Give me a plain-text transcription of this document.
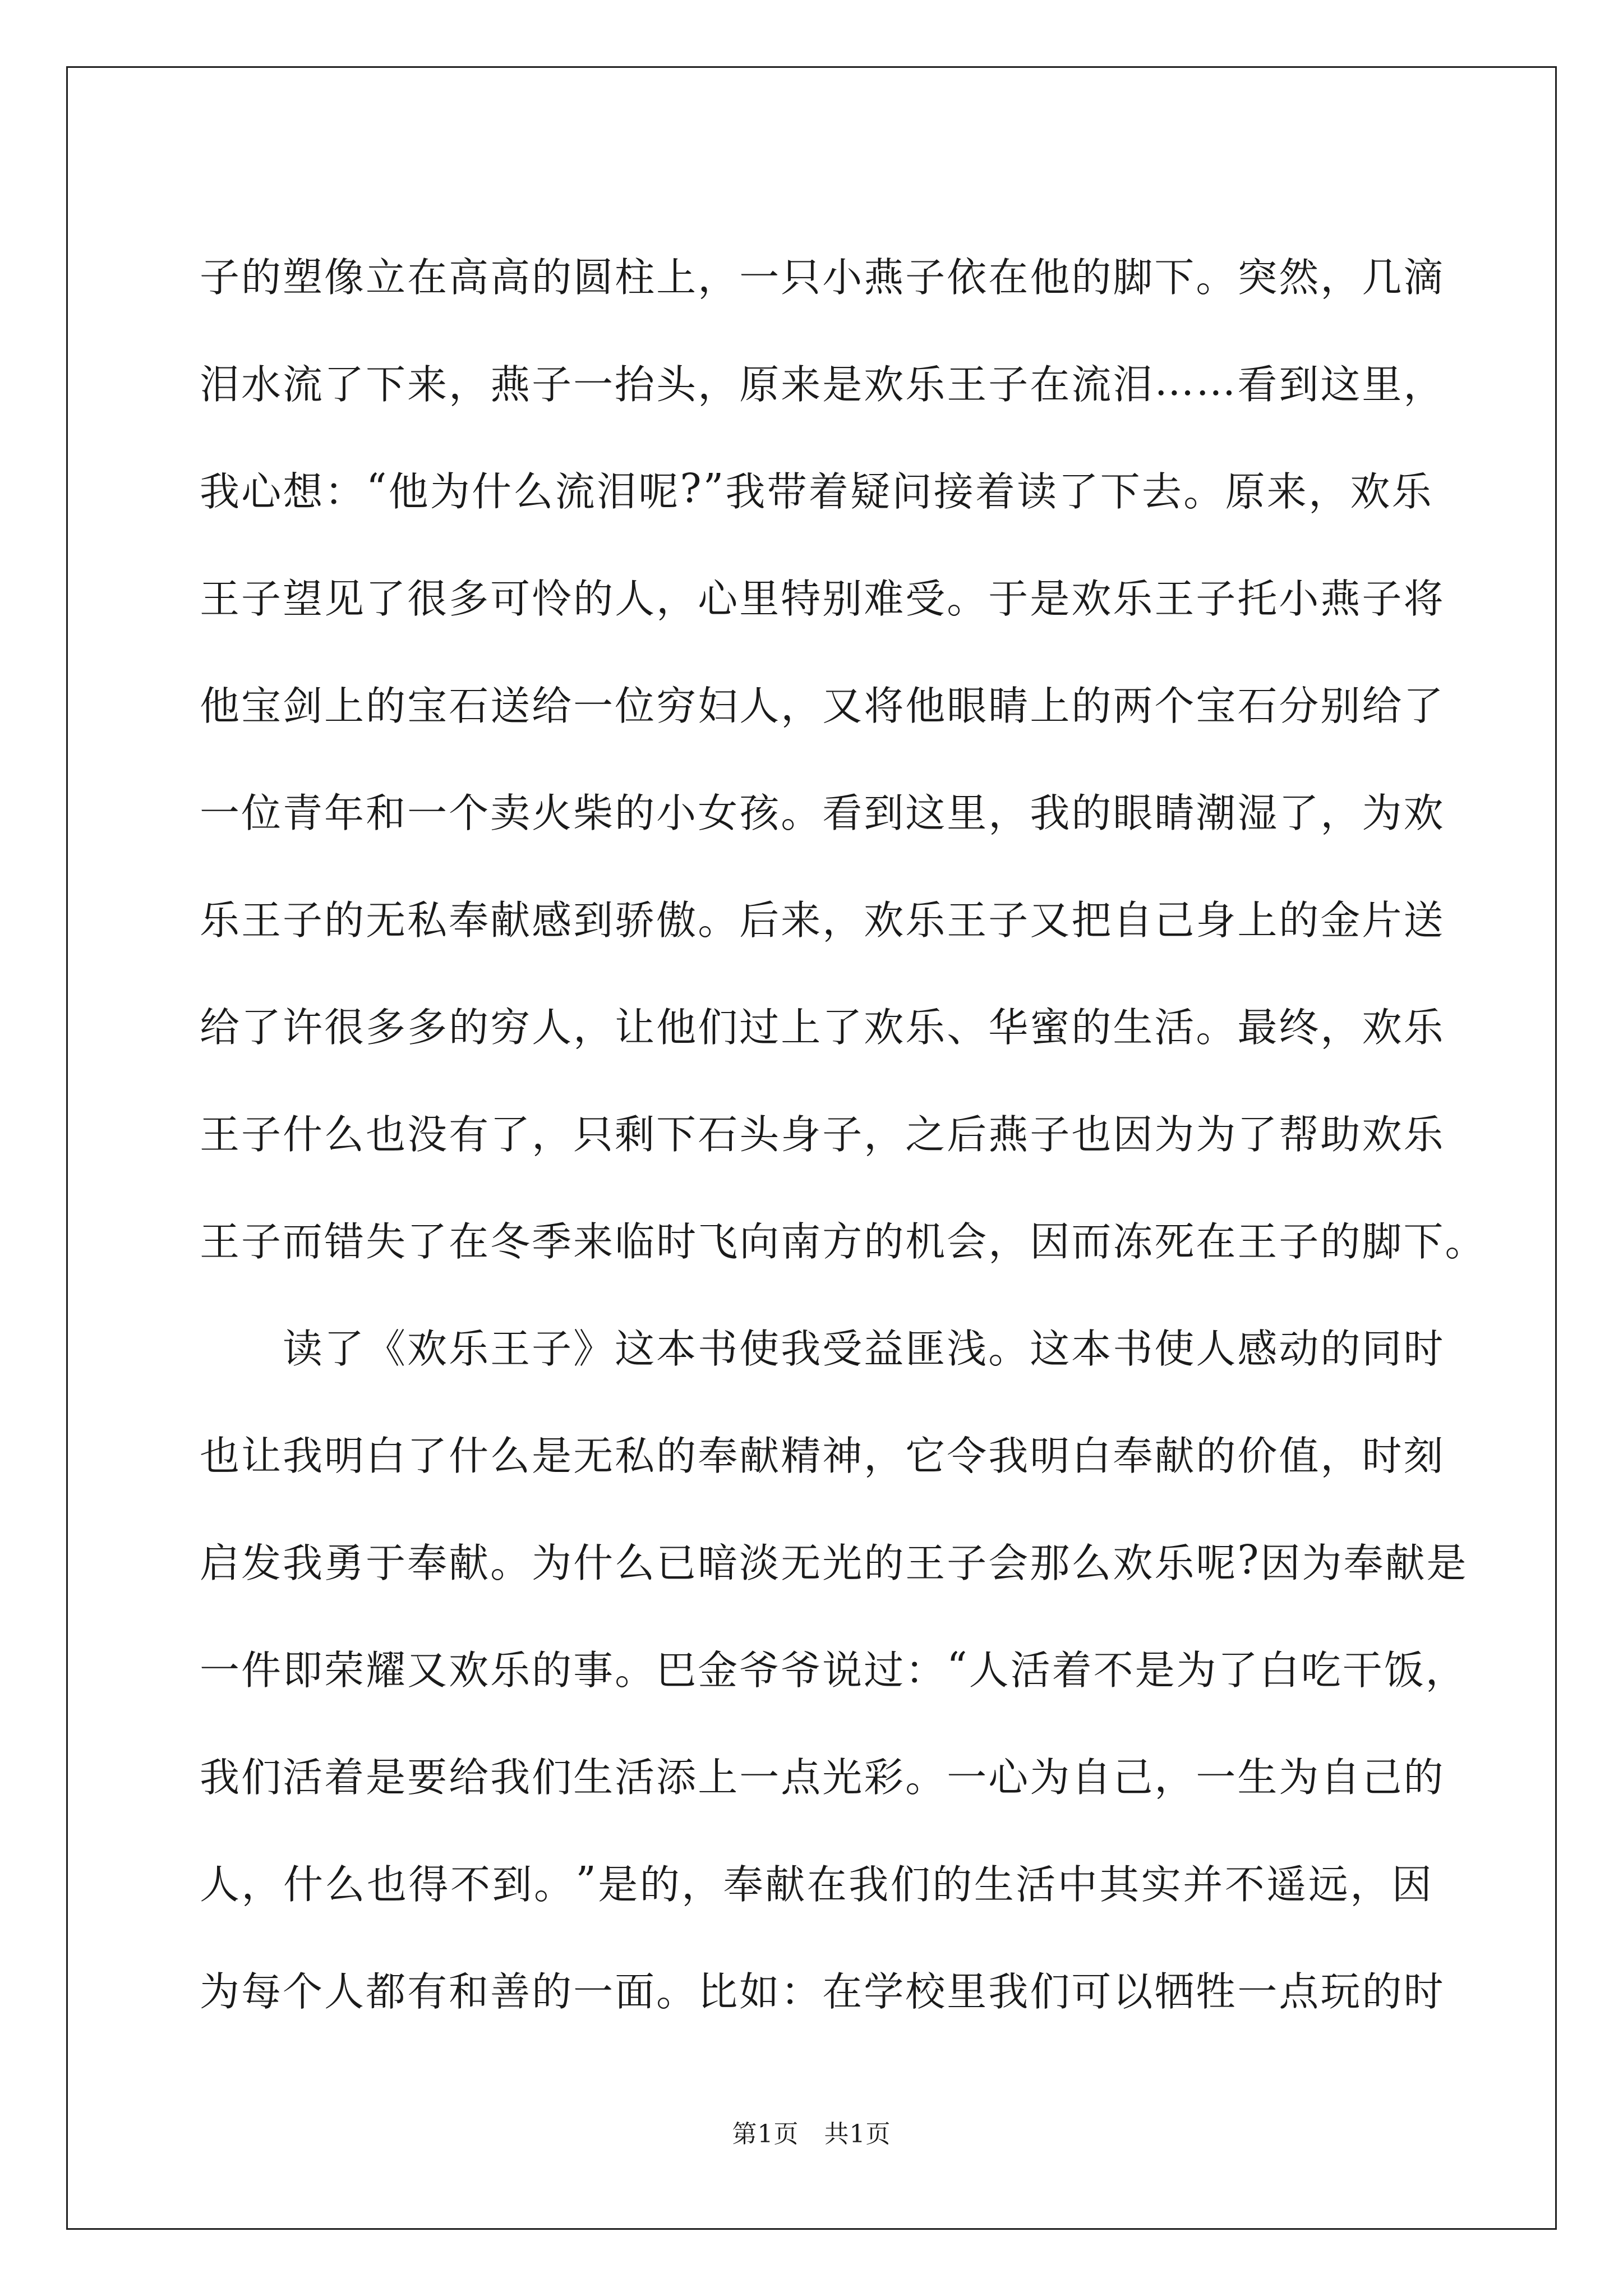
子 的 塑 像 立 在 高 高 的 圆 柱 上 ， 一 只 小 燕 子 依 在 他 的 脚 下 。 突 然 ， 几 滴
泪 水 流 了 下 来 ， 燕 子 一 抬 头 ， 原 来 是 欢 乐 王 子 在 流 泪 … … 看 到 这 里 ，
我 心 想 ： “ 他 为 什 么 流 泪 呢 ? ” 我 带 着 疑 问 接 着 读 了 下 去 。 原 来 ， 欢 乐
王 子 望 见 了 很 多 可 怜 的 人 ， 心 里 特 别 难 受 。 于 是 欢 乐 王 子 托 小 燕 子 将
他 宝 剑 上 的 宝 石 送 给 一 位 穷 妇 人 ， 又 将 他 眼 睛 上 的 两 个 宝 石 分 别 给 了
一 位 青 年 和 一 个 卖 火 柴 的 小 女 孩 。 看 到 这 里 ， 我 的 眼 睛 潮 湿 了 ， 为 欢
乐 王 子 的 无 私 奉 献 感 到 骄 傲 。 后 来 ， 欢 乐 王 子 又 把 自 己 身 上 的 金 片 送
给 了 许 很 多 多 的 穷 人 ， 让 他 们 过 上 了 欢 乐 、 华 蜜 的 生 活 。 最 终 ， 欢 乐
王 子 什 么 也 没 有 了 ， 只 剩 下 石 头 身 子 ， 之 后 燕 子 也 因 为 为 了 帮 助 欢 乐
王 子 而 错 失 了 在 冬 季 来 临 时 飞 向 南 方 的 机 会 ， 因 而 冻 死 在 王 子 的 脚 下 。
读 了 《 欢 乐 王 子 》 这 本 书 使 我 受 益 匪 浅 。 这 本 书 使 人 感 动 的 同 时
也 让 我 明 白 了 什 么 是 无 私 的 奉 献 精 神 ， 它 令 我 明 白 奉 献 的 价 值 ， 时 刻
启 发 我 勇 于 奉 献 。 为 什 么 已 暗 淡 无 光 的 王 子 会 那 么 欢 乐 呢 ? 因 为 奉 献 是
一 件 即 荣 耀 又 欢 乐 的 事 。 巴 金 爷 爷 说 过 ： “ 人 活 着 不 是 为 了 白 吃 干 饭 ，
我 们 活 着 是 要 给 我 们 生 活 添 上 一 点 光 彩 。 一 心 为 自 己 ， 一 生 为 自 己 的
人 ， 什 么 也 得 不 到 。 ” 是 的 ， 奉 献 在 我 们 的 生 活 中 其 实 并 不 遥 远 ， 因
为 每 个 人 都 有 和 善 的 一 面 。 比 如 ： 在 学 校 里 我 们 可 以 牺 牲 一 点 玩 的 时
第1页   共1页
